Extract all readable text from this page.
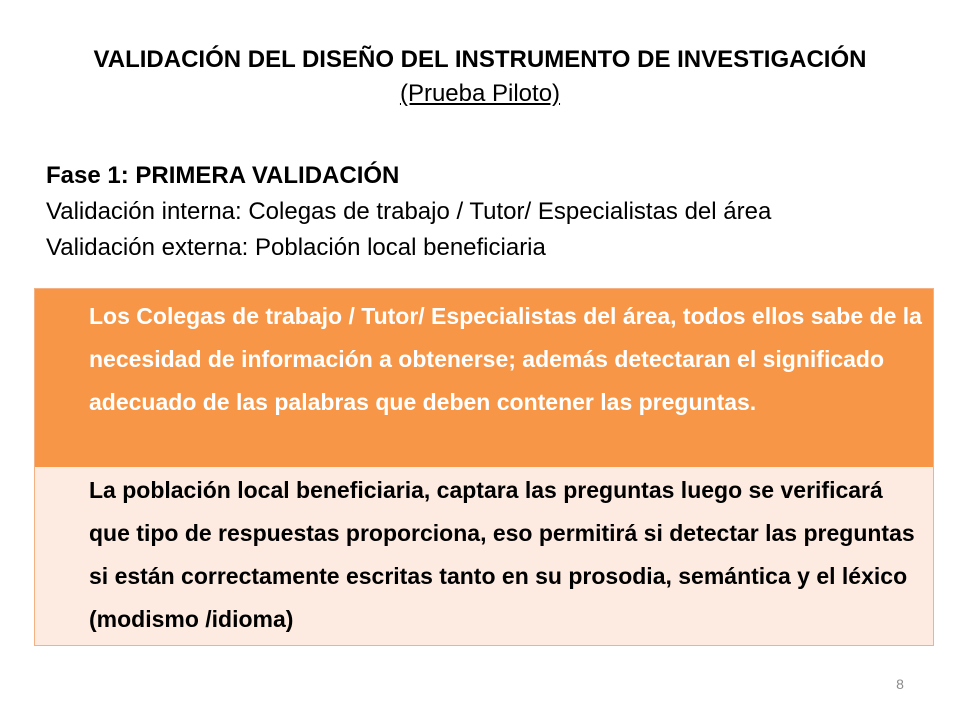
VALIDACIÓN DEL DISEÑO DEL INSTRUMENTO DE INVESTIGACIÓN
(Prueba Piloto)
Fase 1: PRIMERA VALIDACIÓN
Validación interna: Colegas de trabajo / Tutor/ Especialistas del área
Validación externa: Población local beneficiaria
Los Colegas de trabajo / Tutor/ Especialistas del área, todos ellos sabe de la necesidad de información a obtenerse; además detectaran el significado adecuado de las palabras que deben contener las preguntas.
La población local beneficiaria, captara las preguntas luego se verificará que tipo de respuestas proporciona, eso permitirá si detectar las preguntas si están correctamente escritas tanto en su prosodia, semántica y el léxico (modismo /idioma)
8
